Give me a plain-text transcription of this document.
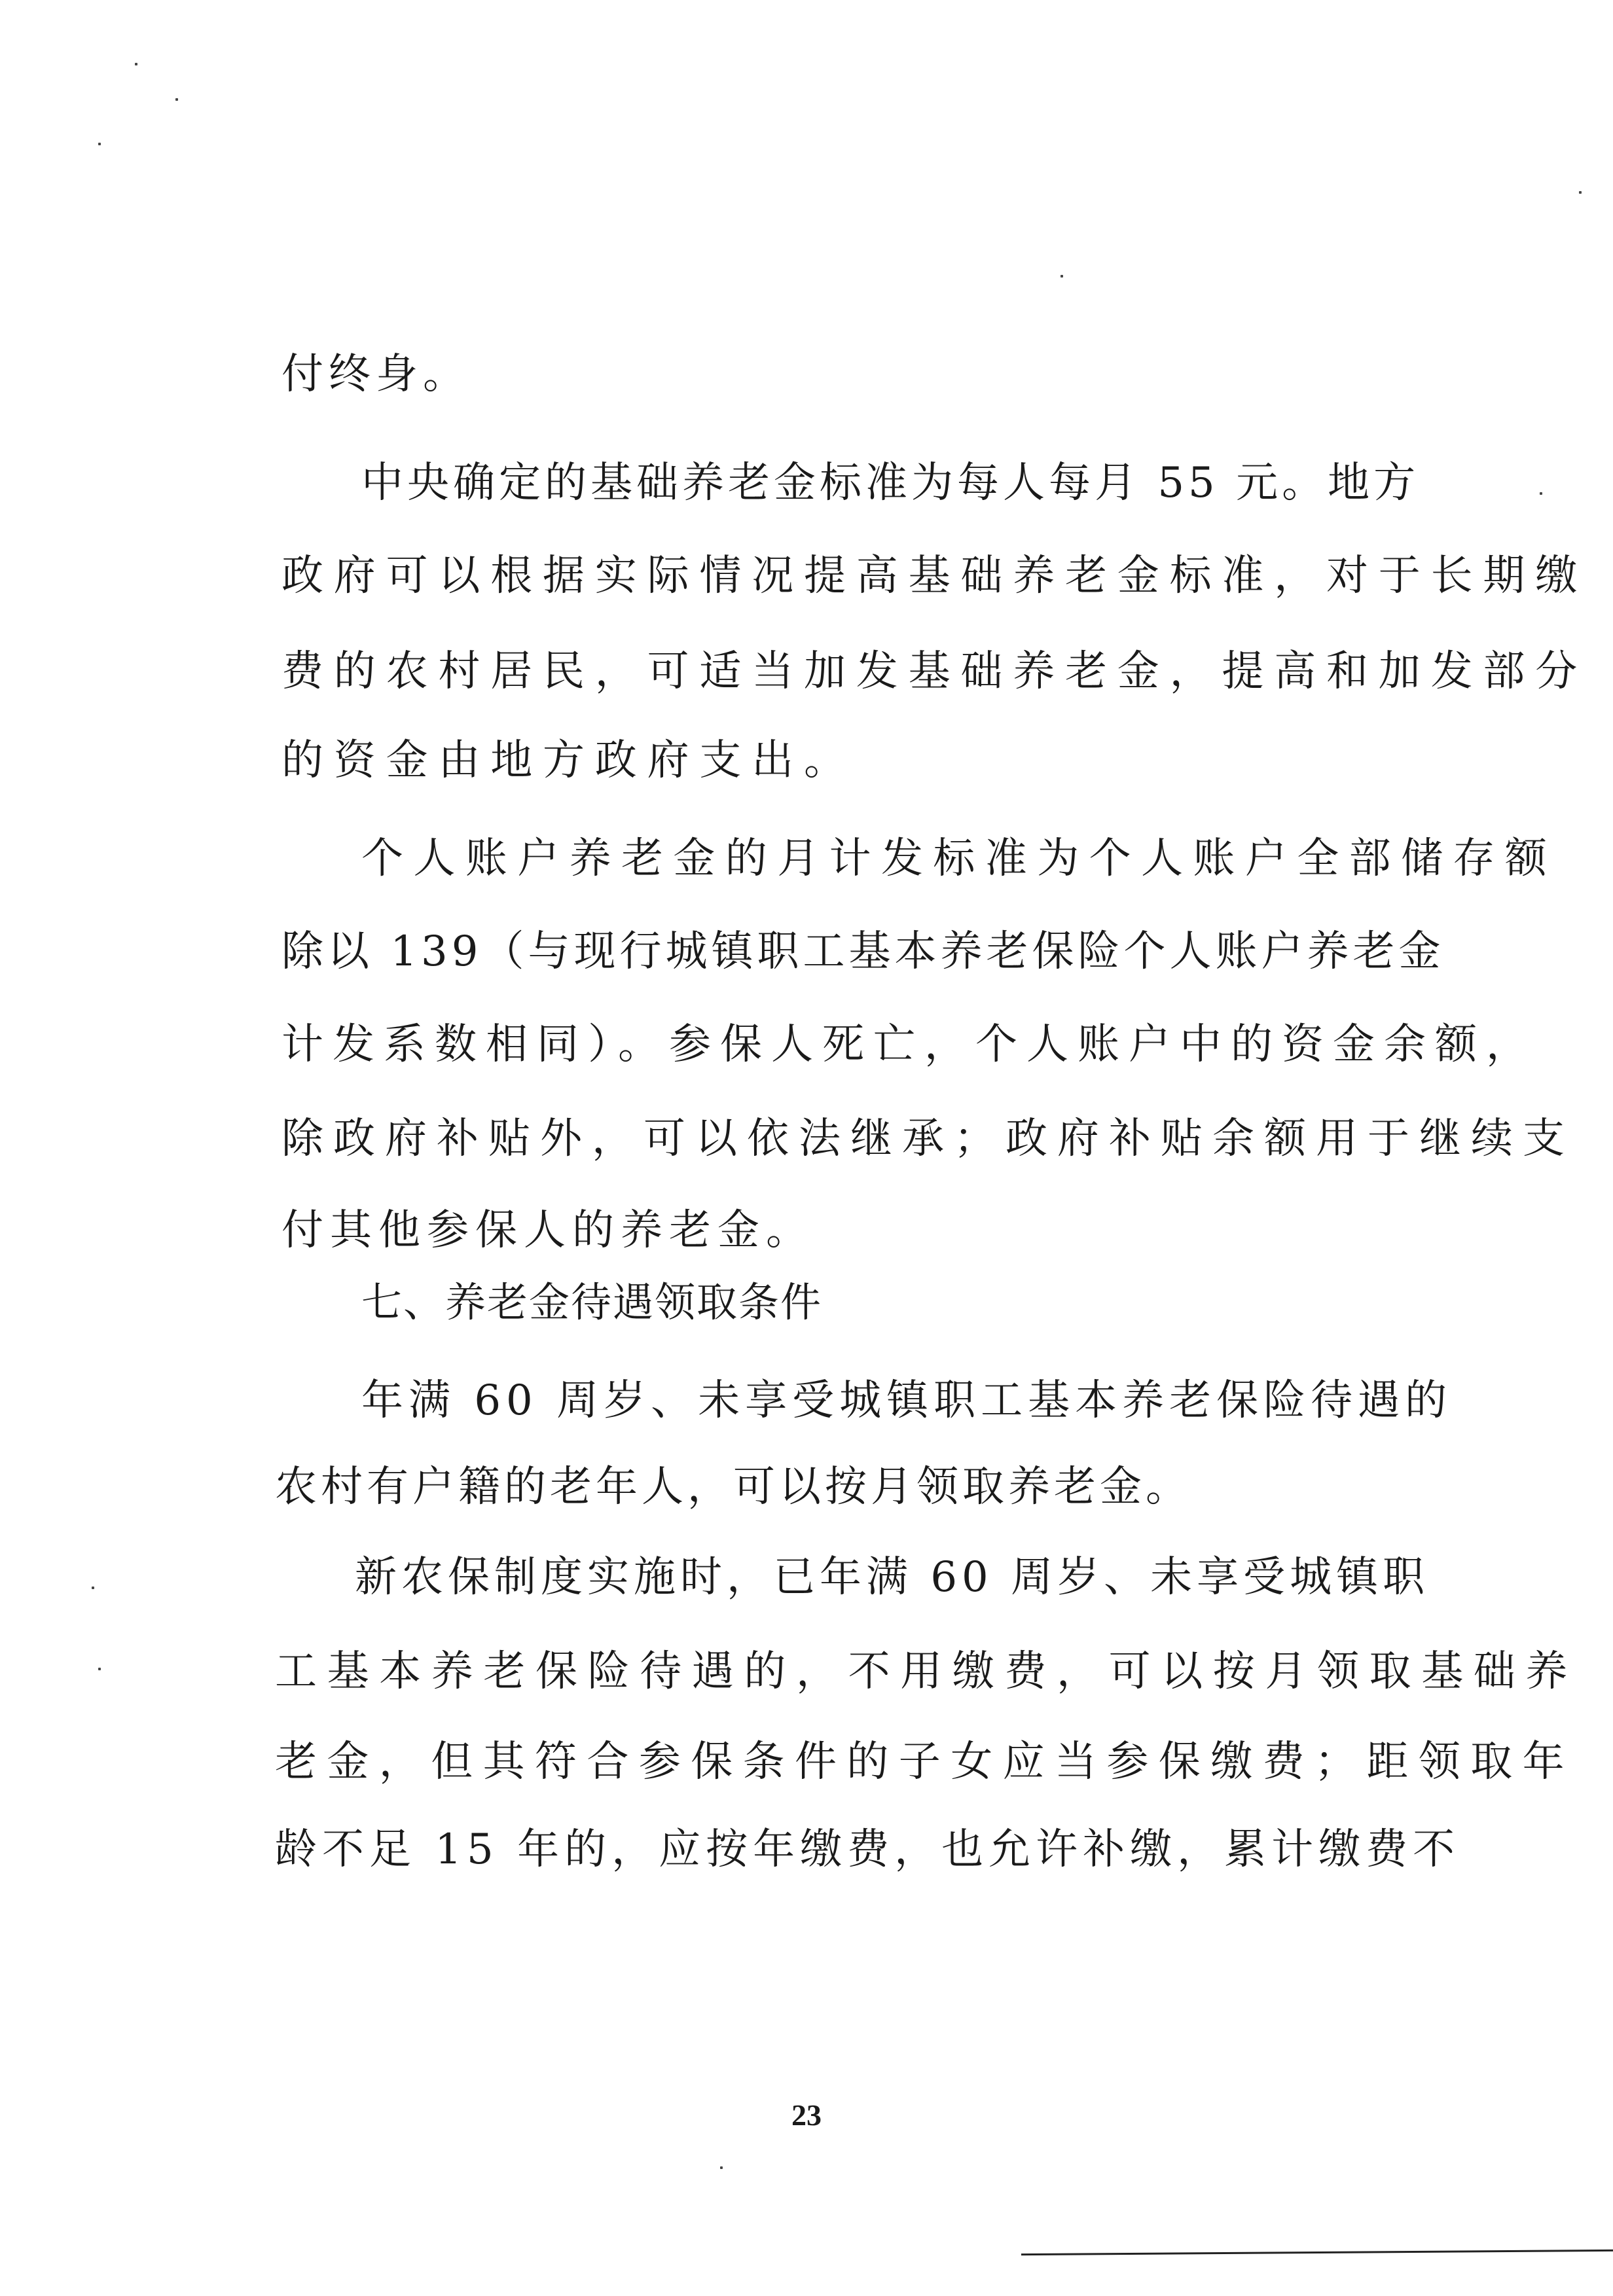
付终身。
中央确定的基础养老金标准为每人每月 55 元。地方
政府可以根据实际情况提高基础养老金标准，对于长期缴
费的农村居民，可适当加发基础养老金，提高和加发部分
的资金由地方政府支出。
个人账户养老金的月计发标准为个人账户全部储存额
除以 139（与现行城镇职工基本养老保险个人账户养老金
计发系数相同）。参保人死亡，个人账户中的资金余额，
除政府补贴外，可以依法继承；政府补贴余额用于继续支
付其他参保人的养老金。
七、养老金待遇领取条件
年满 60 周岁、未享受城镇职工基本养老保险待遇的
农村有户籍的老年人，可以按月领取养老金。
新农保制度实施时，已年满 60 周岁、未享受城镇职
工基本养老保险待遇的，不用缴费，可以按月领取基础养
老金，但其符合参保条件的子女应当参保缴费；距领取年
龄不足 15 年的，应按年缴费，也允许补缴，累计缴费不
23
